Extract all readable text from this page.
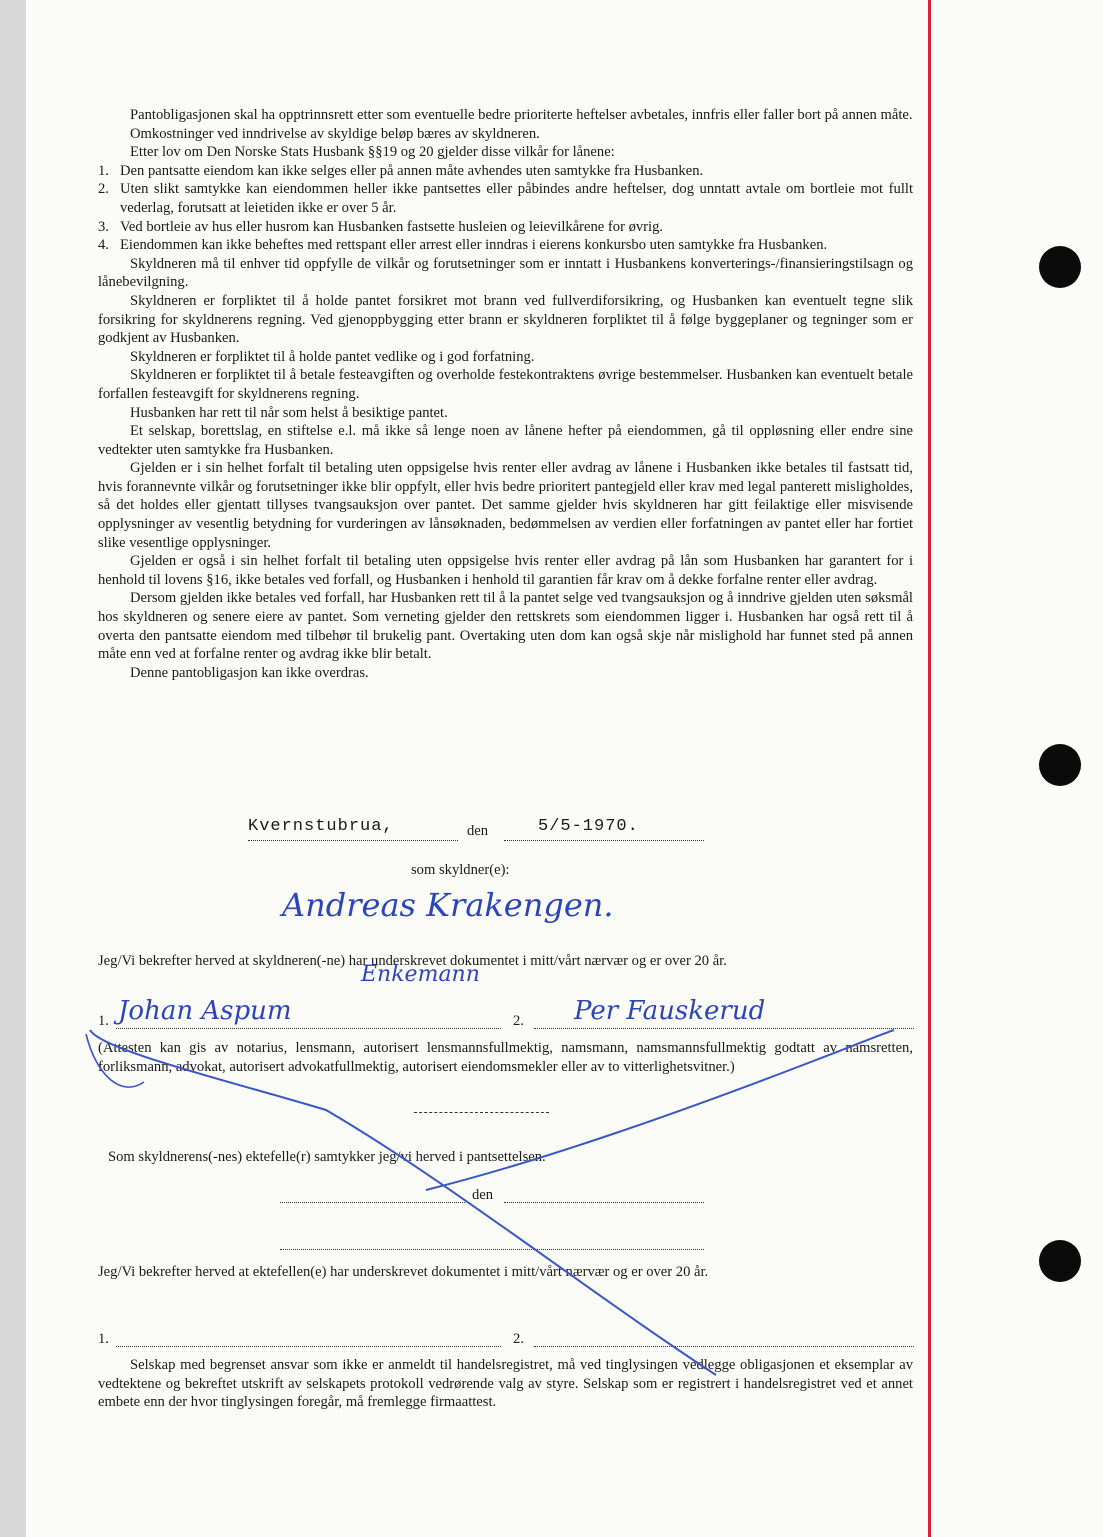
Pantobligasjonen skal ha opptrinnsrett etter som eventuelle bedre prioriterte heftelser avbetales, innfris eller faller bort på annen måte.

Omkostninger ved inndrivelse av skyldige beløp bæres av skyldneren.

Etter lov om Den Norske Stats Husbank §§19 og 20 gjelder disse vilkår for lånene:

1. Den pantsatte eiendom kan ikke selges eller på annen måte avhendes uten samtykke fra Husbanken.
2. Uten slikt samtykke kan eiendommen heller ikke pantsettes eller påbindes andre heftelser, dog unntatt avtale om bortleie mot fullt vederlag, forutsatt at leietiden ikke er over 5 år.
3. Ved bortleie av hus eller husrom kan Husbanken fastsette husleien og leievilkårene for øvrig.
4. Eiendommen kan ikke beheftes med rettspant eller arrest eller inndras i eierens konkursbo uten samtykke fra Husbanken.

Skyldneren må til enhver tid oppfylle de vilkår og forutsetninger som er inntatt i Husbankens konverterings-/finansieringstilsagn og lånebevilgning.

Skyldneren er forpliktet til å holde pantet forsikret mot brann ved fullverdiforsikring, og Husbanken kan eventuelt tegne slik forsikring for skyldnerens regning. Ved gjenoppbygging etter brann er skyldneren forpliktet til å følge byggeplaner og tegninger som er godkjent av Husbanken.

Skyldneren er forpliktet til å holde pantet vedlike og i god forfatning.

Skyldneren er forpliktet til å betale festeavgiften og overholde festekontraktens øvrige bestemmelser. Husbanken kan eventuelt betale forfallen festeavgift for skyldnerens regning.

Husbanken har rett til når som helst å besiktige pantet.

Et selskap, borettslag, en stiftelse e.l. må ikke så lenge noen av lånene hefter på eiendommen, gå til oppløsning eller endre sine vedtekter uten samtykke fra Husbanken.

Gjelden er i sin helhet forfalt til betaling uten oppsigelse hvis renter eller avdrag av lånene i Husbanken ikke betales til fastsatt tid, hvis forannevnte vilkår og forutsetninger ikke blir oppfylt, eller hvis bedre prioritert pantegjeld eller krav med legal panterett misligholdes, så det holdes eller gjentatt tillyses tvangsauksjon over pantet. Det samme gjelder hvis skyldneren har gitt feilaktige eller misvisende opplysninger av vesentlig betydning for vurderingen av lånsøknaden, bedømmelsen av verdien eller forfatningen av pantet eller har fortiet slike vesentlige opplysninger.

Gjelden er også i sin helhet forfalt til betaling uten oppsigelse hvis renter eller avdrag på lån som Husbanken har garantert for i henhold til lovens §16, ikke betales ved forfall, og Husbanken i henhold til garantien får krav om å dekke forfalne renter eller avdrag.

Dersom gjelden ikke betales ved forfall, har Husbanken rett til å la pantet selge ved tvangsauksjon og å inndrive gjelden uten søksmål hos skyldneren og senere eiere av pantet. Som verneting gjelder den rettskrets som eiendommen ligger i. Husbanken har også rett til å overta den pantsatte eiendom med tilbehør til brukelig pant. Overtaking uten dom kan også skje når mislighold har funnet sted på annen måte enn ved at forfalne renter og avdrag ikke blir betalt.

Denne pantobligasjon kan ikke overdras.

Kvernstubrua,	den	5/5-1970.
som skyldner(e):
Andreas Krakengen.
Jeg/Vi bekrefter herved at skyldneren(-ne) har underskrevet dokumentet i mitt/vårt nærvær og er over 20 år.
Enkemann
1. Johan Aspum	2. Per Fauskerud
(Attesten kan gis av notarius, lensmann, autorisert lensmannsfullmektig, namsmann, namsmannsfullmektig godtatt av namsretten, forliksmann, advokat, autorisert advokatfullmektig, autorisert eiendomsmekler eller av to vitterlighetsvitner.)
Som skyldnerens(-nes) ektefelle(r) samtykker jeg/vi herved i pantsettelsen.
den
Jeg/Vi bekrefter herved at ektefellen(e) har underskrevet dokumentet i mitt/vårt nærvær og er over 20 år.
1.	2.

Selskap med begrenset ansvar som ikke er anmeldt til handelsregistret, må ved tinglysingen vedlegge obligasjonen et eksemplar av vedtektene og bekreftet utskrift av selskapets protokoll vedrørende valg av styre. Selskap som er registrert i handelsregistret ved et annet embete enn der hvor tinglysingen foregår, må fremlegge firmaattest.
